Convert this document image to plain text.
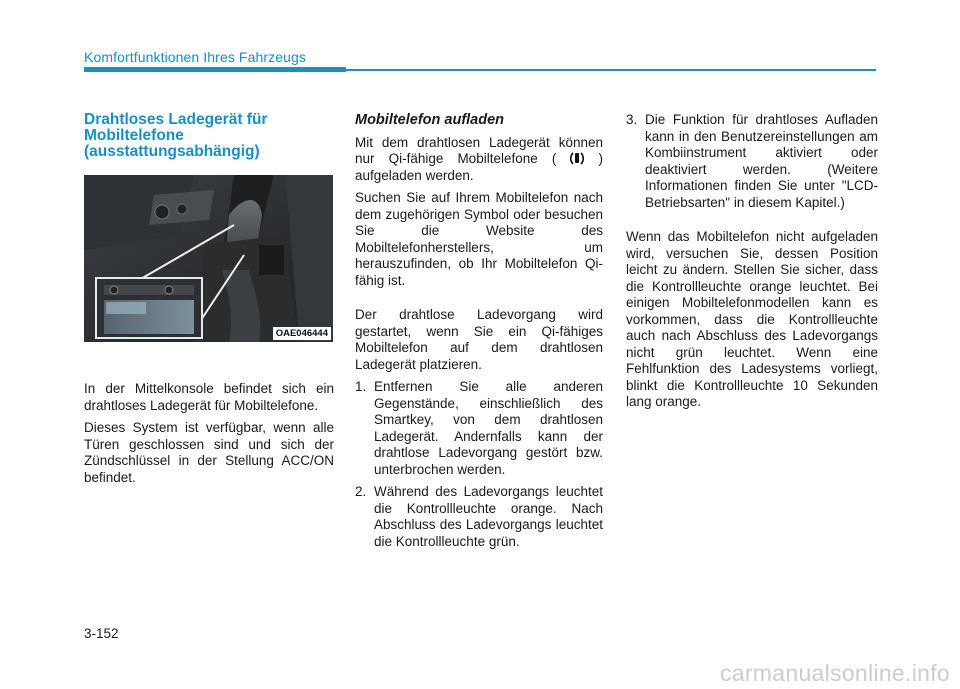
Komfortfunktionen Ihres Fahrzeugs
Drahtloses Ladegerät für
Mobiltelefone
(ausstattungsabhängig)
OAE046444

In der Mittelkonsole befindet sich ein drahtloses Ladegerät für Mobiltelefone.

Dieses System ist verfügbar, wenn alle Türen geschlossen sind und sich der Zündschlüssel in der Stellung ACC/ON befindet.

Mobiltelefon aufladen

Mit dem drahtlosen Ladegerät können nur Qi-fähige Mobiltelefone (	) aufgeladen werden.

Suchen Sie auf Ihrem Mobiltelefon nach dem zugehörigen Symbol oder besuchen Sie die Website des Mobiltelefonherstellers, um herauszufinden, ob Ihr Mobiltelefon Qi-fähig ist.

Der drahtlose Ladevorgang wird gestartet, wenn Sie ein Qi-fähiges Mobiltelefon auf dem drahtlosen Ladegerät platzieren.

1. Entfernen Sie alle anderen Gegenstände, einschließlich des Smartkey, von dem drahtlosen Ladegerät. Andernfalls kann der drahtlose Ladevorgang gestört bzw. unterbrochen werden.
2. Während des Ladevorgangs leuchtet die Kontrollleuchte orange. Nach Abschluss des Ladevorgangs leuchtet die Kontrollleuchte grün.
3. Die Funktion für drahtloses Aufladen kann in den Benutzereinstellungen am Kombiinstrument aktiviert oder deaktiviert werden. (Weitere Informationen finden Sie unter "LCD-Betriebsarten" in diesem Kapitel.)

Wenn das Mobiltelefon nicht aufgeladen wird, versuchen Sie, dessen Position leicht zu ändern. Stellen Sie sicher, dass die Kontrollleuchte orange leuchtet. Bei einigen Mobiltelefonmodellen kann es vorkommen, dass die Kontrollleuchte auch nach Abschluss des Ladevorgangs nicht grün leuchtet. Wenn eine Fehlfunktion des Ladesystems vorliegt, blinkt die Kontrollleuchte 10 Sekunden lang orange.

3-152
carmanualsonline.info
